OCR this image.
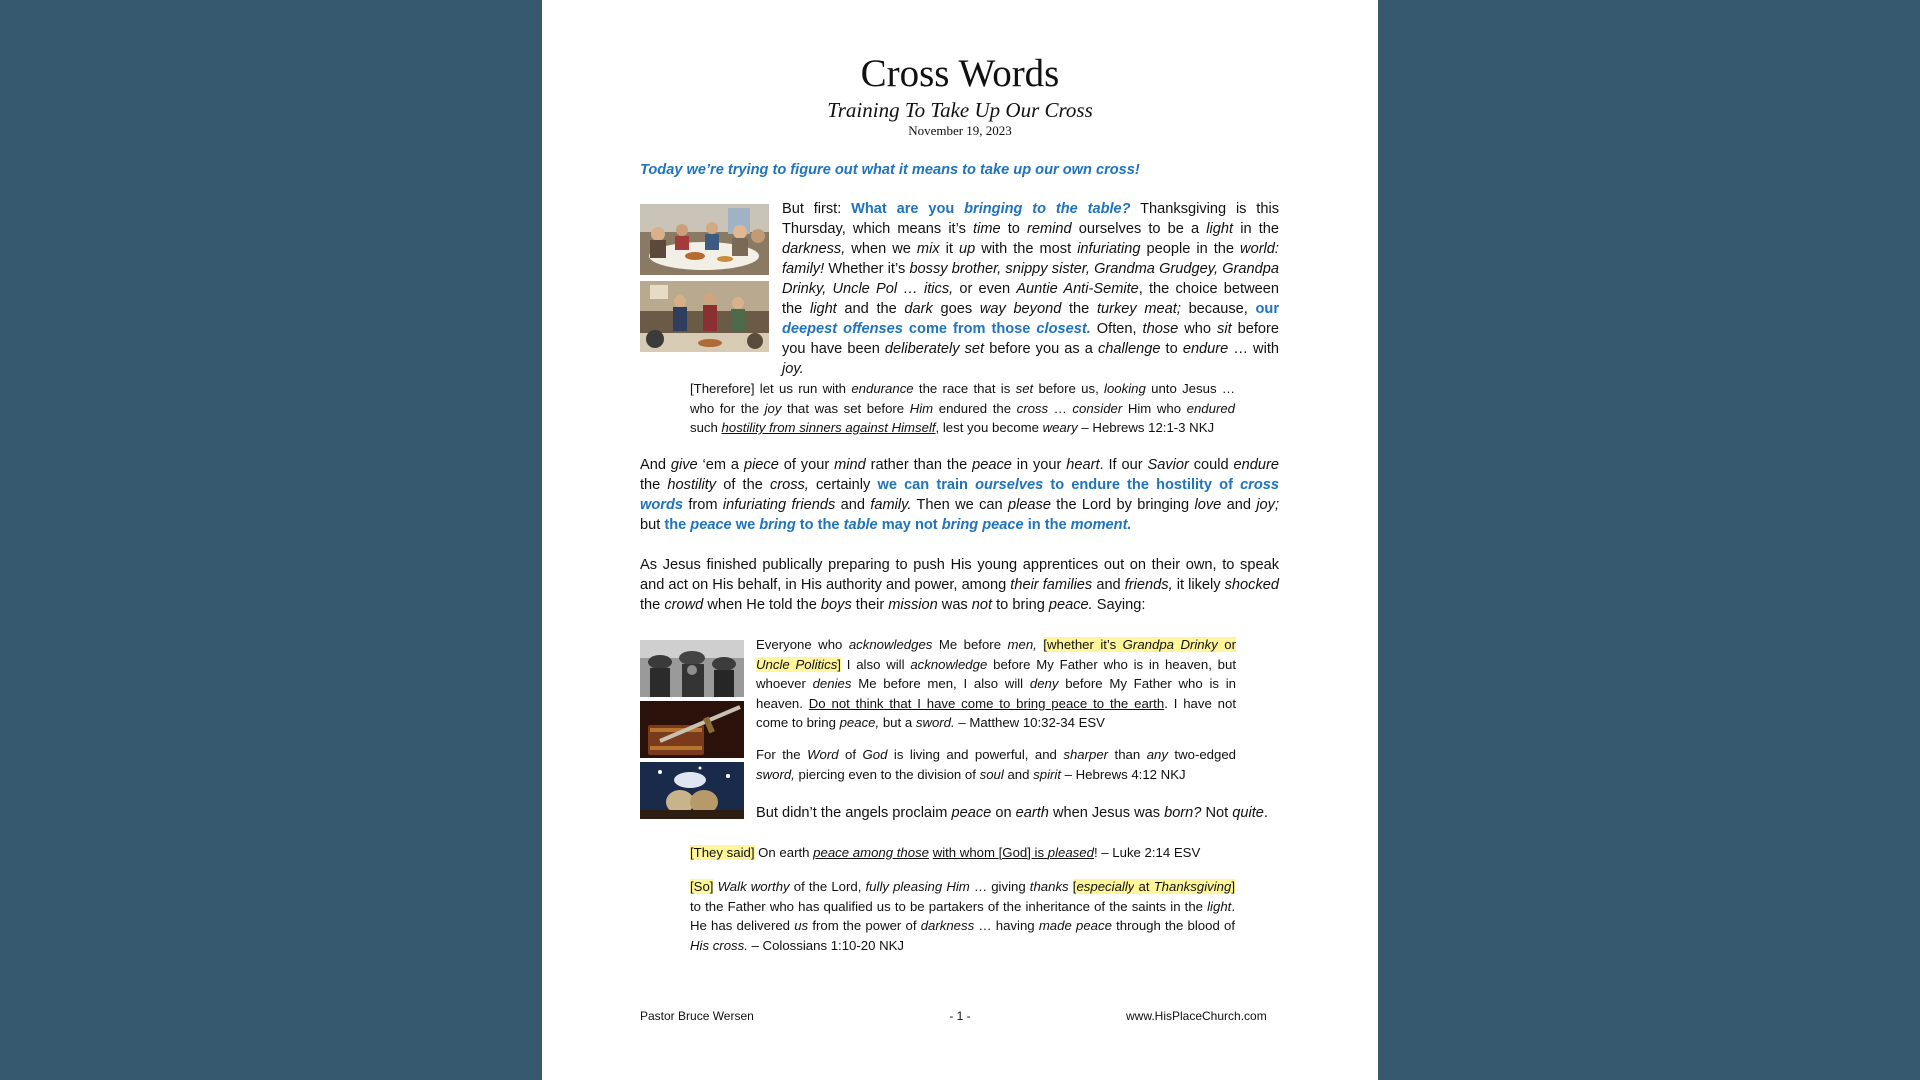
Cross Words
Training To Take Up Our Cross
November 19, 2023
Today we’re trying to figure out what it means to take up our own cross!
But first: What are you bringing to the table? Thanksgiving is this Thursday, which means it’s time to remind ourselves to be a light in the darkness, when we mix it up with the most infuriating people in the world: family! Whether it’s bossy brother, snippy sister, Grandma Grudgey, Grandpa Drinky, Uncle Pol … itics, or even Auntie Anti-Semite, the choice between the light and the dark goes way beyond the turkey meat; because, our deepest offenses come from those closest. Often, those who sit before you have been deliberately set before you as a challenge to endure … with joy.
[Therefore] let us run with endurance the race that is set before us, looking unto Jesus … who for the joy that was set before Him endured the cross … consider Him who endured such hostility from sinners against Himself, lest you become weary – Hebrews 12:1-3 NKJ
And give ‘em a piece of your mind rather than the peace in your heart. If our Savior could endure the hostility of the cross, certainly we can train ourselves to endure the hostility of cross words from infuriating friends and family. Then we can please the Lord by bringing love and joy; but the peace we bring to the table may not bring peace in the moment.
As Jesus finished publically preparing to push His young apprentices out on their own, to speak and act on His behalf, in His authority and power, among their families and friends, it likely shocked the crowd when He told the boys their mission was not to bring peace. Saying:
Everyone who acknowledges Me before men, [whether it’s Grandpa Drinky or Uncle Politics] I also will acknowledge before My Father who is in heaven, but whoever denies Me before men, I also will deny before My Father who is in heaven. Do not think that I have come to bring peace to the earth. I have not come to bring peace, but a sword. – Matthew 10:32-34 ESV
For the Word of God is living and powerful, and sharper than any two-edged sword, piercing even to the division of soul and spirit – Hebrews 4:12 NKJ
But didn’t the angels proclaim peace on earth when Jesus was born? Not quite.
[They said] On earth peace among those with whom [God] is pleased! – Luke 2:14 ESV
[So] Walk worthy of the Lord, fully pleasing Him … giving thanks [especially at Thanksgiving] to the Father who has qualified us to be partakers of the inheritance of the saints in the light. He has delivered us from the power of darkness … having made peace through the blood of His cross. – Colossians 1:10-20 NKJ
Pastor Bruce Wersen	- 1 -	www.HisPlaceChurch.com
